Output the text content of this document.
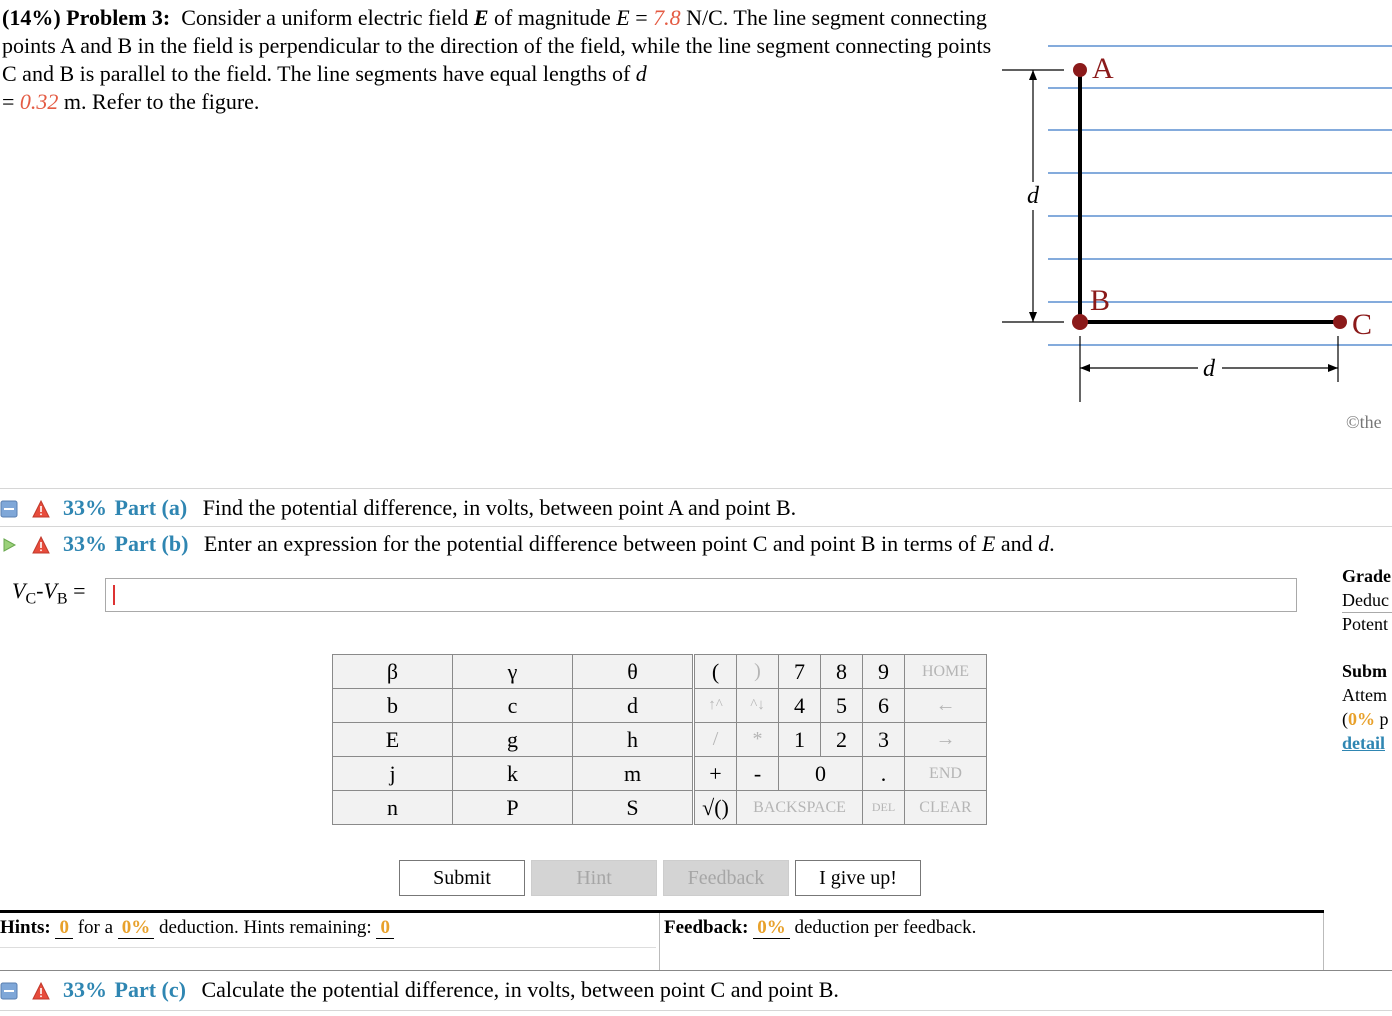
(14%) Problem 3: Consider a uniform electric field E of magnitude E = 7.8 N/C. The line segment connecting points A and B in the field is perpendicular to the direction of the field, while the line segment connecting points C and B is parallel to the field. The line segments have equal lengths of d
= 0.32 m. Refer to the figure.
d
A
B
C
d
©the
33% Part (a) Find the potential difference, in volts, between point A and point B.
33% Part (b) Enter an expression for the potential difference between point C and point B in terms of E and d.
$V_C-V_B$ =
Grade
Deduc
Potent
Subm
Attem
(0% p
detail
β	γ	θ
b	c	d
E	g	h
j	k	m
n	P	S
(	)	7	8	9	HOME
↑^	^↓	4	5	6	←
/	*	1	2	3	→
+	-	0		.	END
√()	BACKSPACE			DEL	CLEAR
Submit	Hint	Feedback	I give up!
Hints: 0 for a 0% deduction. Hints remaining: 0	Feedback: 0% deduction per feedback.
33% Part (c) Calculate the potential difference, in volts, between point C and point B.
